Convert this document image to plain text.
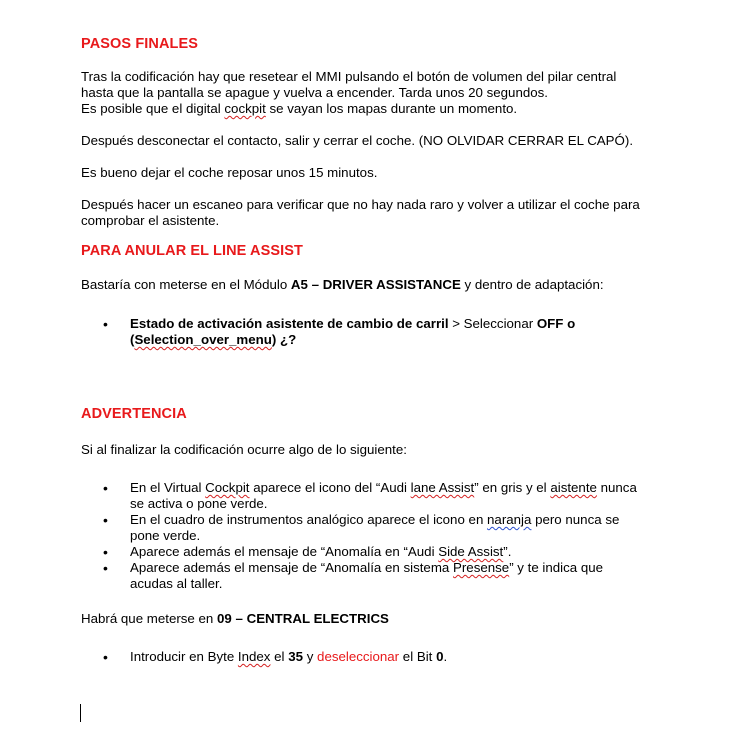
PASOS FINALES

Tras la codificación hay que resetear el MMI pulsando el botón de volumen del pilar central
hasta que la pantalla se apague y vuelva a encender. Tarda unos 20 segundos.
Es posible que el digital cockpit se vayan los mapas durante un momento.

Después desconectar el contacto, salir y cerrar el coche. (NO OLVIDAR CERRAR EL CAPÓ).

Es bueno dejar el coche reposar unos 15 minutos.

Después hacer un escaneo para verificar que no hay nada raro y volver a utilizar el coche para
comprobar el asistente.

PARA ANULAR EL LINE ASSIST

Bastaría con meterse en el Módulo A5 – DRIVER ASSISTANCE y dentro de adaptación:

•	Estado de activación asistente de cambio de carril > Seleccionar OFF o
(Selection_over_menu) ¿?
ADVERTENCIA

Si al finalizar la codificación ocurre algo de lo siguiente:

•	En el Virtual Cockpit aparece el icono del “Audi lane Assist” en gris y el aistente nunca
se activa o pone verde.
•	En el cuadro de instrumentos analógico aparece el icono en naranja pero nunca se
pone verde.
•	Aparece además el mensaje de “Anomalía en “Audi Side Assist”.
•	Aparece además el mensaje de “Anomalía en sistema Presense” y te indica que
acudas al taller.

Habrá que meterse en 09 – CENTRAL ELECTRICS

•	Introducir en Byte Index el 35 y deseleccionar el Bit 0.
